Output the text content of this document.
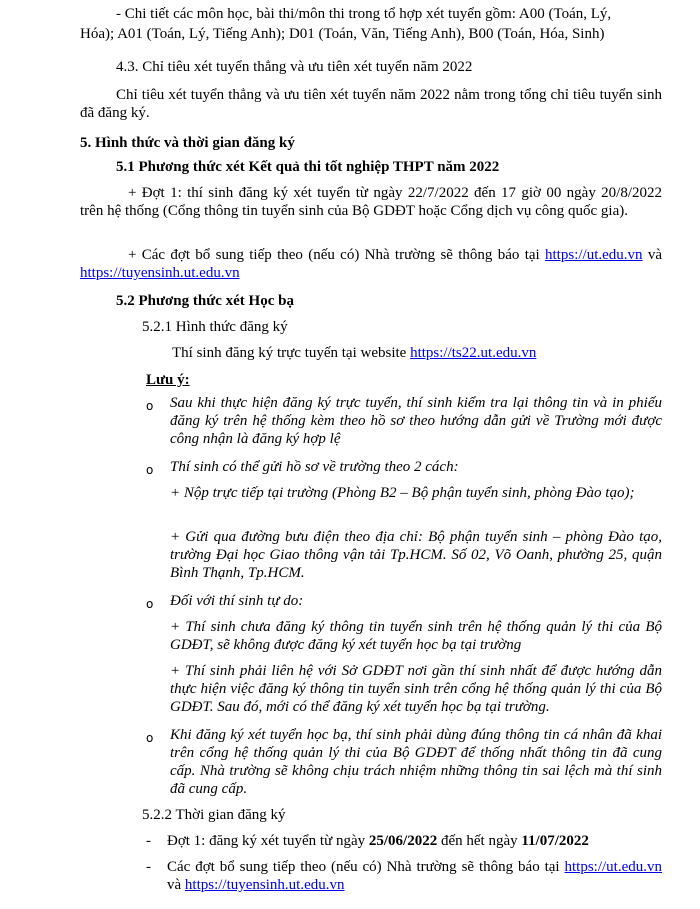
- Chi tiết các môn học, bài thi/môn thi trong tổ hợp xét tuyển gồm: A00 (Toán, Lý,

Hóa); A01 (Toán, Lý, Tiếng Anh); D01 (Toán, Văn, Tiếng Anh), B00 (Toán, Hóa, Sinh)

4.3. Chỉ tiêu xét tuyển thẳng và ưu tiên xét tuyển năm 2022

Chỉ tiêu xét tuyển thẳng và ưu tiên xét tuyển năm 2022 nằm trong tổng chỉ tiêu tuyển sinh đã đăng ký.

5. Hình thức và thời gian đăng ký

5.1 Phương thức xét Kết quả thi tốt nghiệp THPT năm 2022

+ Đợt 1: thí sinh đăng ký xét tuyển từ ngày 22/7/2022 đến 17 giờ 00 ngày 20/8/2022 trên hệ thống (Cổng thông tin tuyển sinh của Bộ GDĐT hoặc Cổng dịch vụ công quốc gia).

+ Các đợt bổ sung tiếp theo (nếu có) Nhà trường sẽ thông báo tại https://ut.edu.vn và https://tuyensinh.ut.edu.vn

5.2 Phương thức xét Học bạ

5.2.1 Hình thức đăng ký

Thí sinh đăng ký trực tuyến tại website https://ts22.ut.edu.vn

Lưu ý:

o	Sau khi thực hiện đăng ký trực tuyến, thí sinh kiểm tra lại thông tin và in phiếu đăng ký trên hệ thống kèm theo hồ sơ theo hướng dẫn gửi về Trường mới được công nhận là đăng ký hợp lệ

o	Thí sinh có thể gửi hồ sơ về trường theo 2 cách:

+ Nộp trực tiếp tại trường (Phòng B2 – Bộ phận tuyển sinh, phòng Đào tạo);

+ Gửi qua đường bưu điện theo địa chỉ: Bộ phận tuyển sinh – phòng Đào tạo, trường Đại học Giao thông vận tải Tp.HCM. Số 02, Võ Oanh, phường 25, quận Bình Thạnh, Tp.HCM.

o	Đối với thí sinh tự do:

+ Thí sinh chưa đăng ký thông tin tuyển sinh trên hệ thống quản lý thi của Bộ GDĐT, sẽ không được đăng ký xét tuyển học bạ tại trường

+ Thí sinh phải liên hệ với Sở GDĐT nơi gần thí sinh nhất để được hướng dẫn thực hiện việc đăng ký thông tin tuyển sinh trên cổng hệ thống quản lý thi của Bộ GDĐT. Sau đó, mới có thể đăng ký xét tuyển học bạ tại trường.

o	Khi đăng ký xét tuyển học bạ, thí sinh phải dùng đúng thông tin cá nhân đã khai trên cổng hệ thống quản lý thi của Bộ GDĐT để thống nhất thông tin đã cung cấp. Nhà trường sẽ không chịu trách nhiệm những thông tin sai lệch mà thí sinh đã cung cấp.

5.2.2 Thời gian đăng ký

- Đợt 1: đăng ký xét tuyển từ ngày 25/06/2022 đến hết ngày 11/07/2022

- Các đợt bổ sung tiếp theo (nếu có) Nhà trường sẽ thông báo tại https://ut.edu.vn và https://tuyensinh.ut.edu.vn
